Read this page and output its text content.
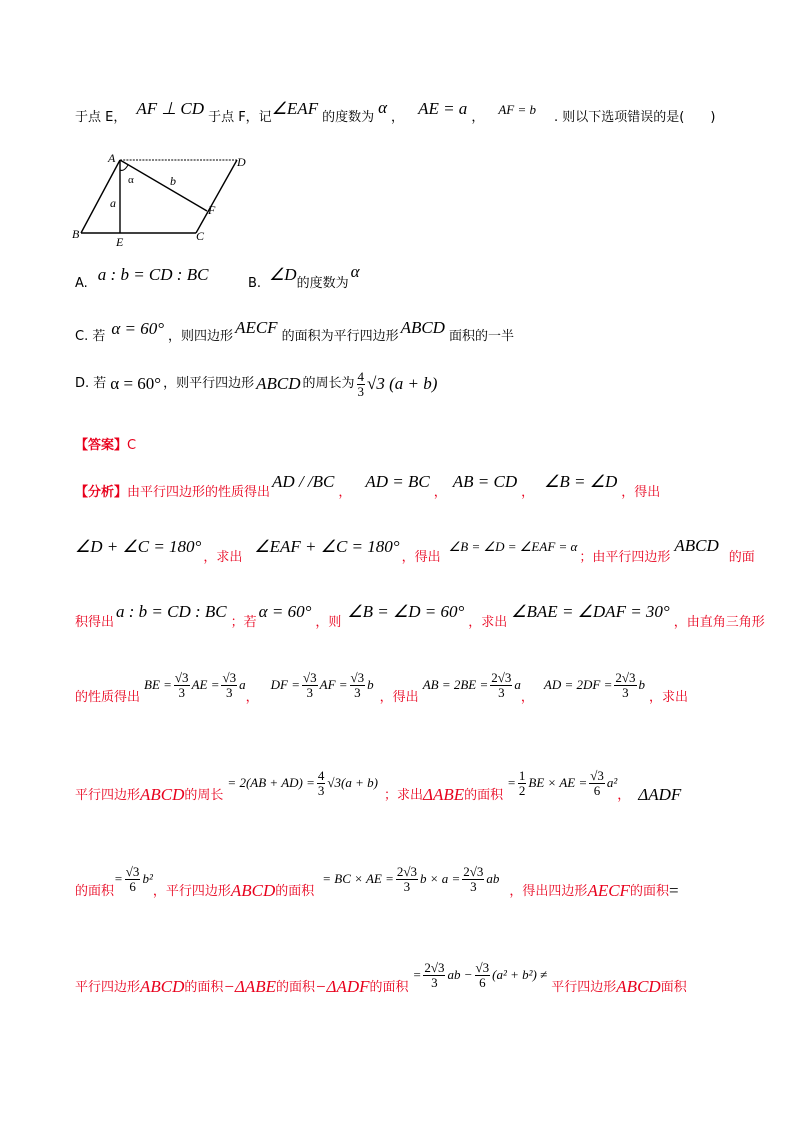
于点 E， AF ⊥ CD 于点 F，记 ∠EAF 的度数为
α
， AE = a ，
AF = b
. 则以下选项错误的是( )
A	D
B	C
E
F
a
b
α
A. a : b = CD : BC	B. ∠D 的度数为
α
C. 若 α = 60° ，则四边形 AECF 的面积为平行四边形 ABCD 面积的一半
D. 若 α = 60° ，则平行四边形 ABCD 的周长为 $\frac{4}{3} √3$ (a + b)
【答案】 C
【分析】 由平行四边形的性质得出
AD / /BC
，
AD = BC
，
AB = CD
，
∠B = ∠D
，得出
∠D + ∠C = 180°
，求出
∠EAF + ∠C = 180°
，得出
∠B = ∠D = ∠EAF = α
；由平行四边形
ABCD
的面
积得出
a : b = CD : BC
；若
α = 60°
，则
∠B = ∠D = 60°
，求出
∠BAE = ∠DAF = 30°
，由直角三角形
的性质得出
BE = $\frac{√3}{3}$ AE = $\frac{√3}{3}$ a
，
DF = $\frac{√3}{3}$ AF = $\frac{√3}{3}$ b
，得出
AB = $2BE = \frac{2√3}{3}$ a
，
AD = $2DF = \frac{2√3}{3}$ b
，求出
平行四边形 ABCD 的周长
= $2(AB + AD) = \frac{4}{3} √3(a + b)$
；求出 ΔABE 的面积
= $\frac{1}{2}$ BE × AE = $\frac{√3}{6} a^2$
， ΔADF
的面积
= $\frac{√3}{6} b^2$
，平行四边形 ABCD 的面积
= BC × AE = $\frac{2√3}{3}$ $b \times a = \frac{2√3}{3}$ ab
，得出四边形 AECF 的面积 =
平行四边形 ABCD 的面积 −ΔABE 的面积 −ΔADF 的面积
= $\frac{2√3}{3}$ ab − $\frac{√3}{6} (a^2 + b^2)$ ≠
平行四边形 ABCD 面积
